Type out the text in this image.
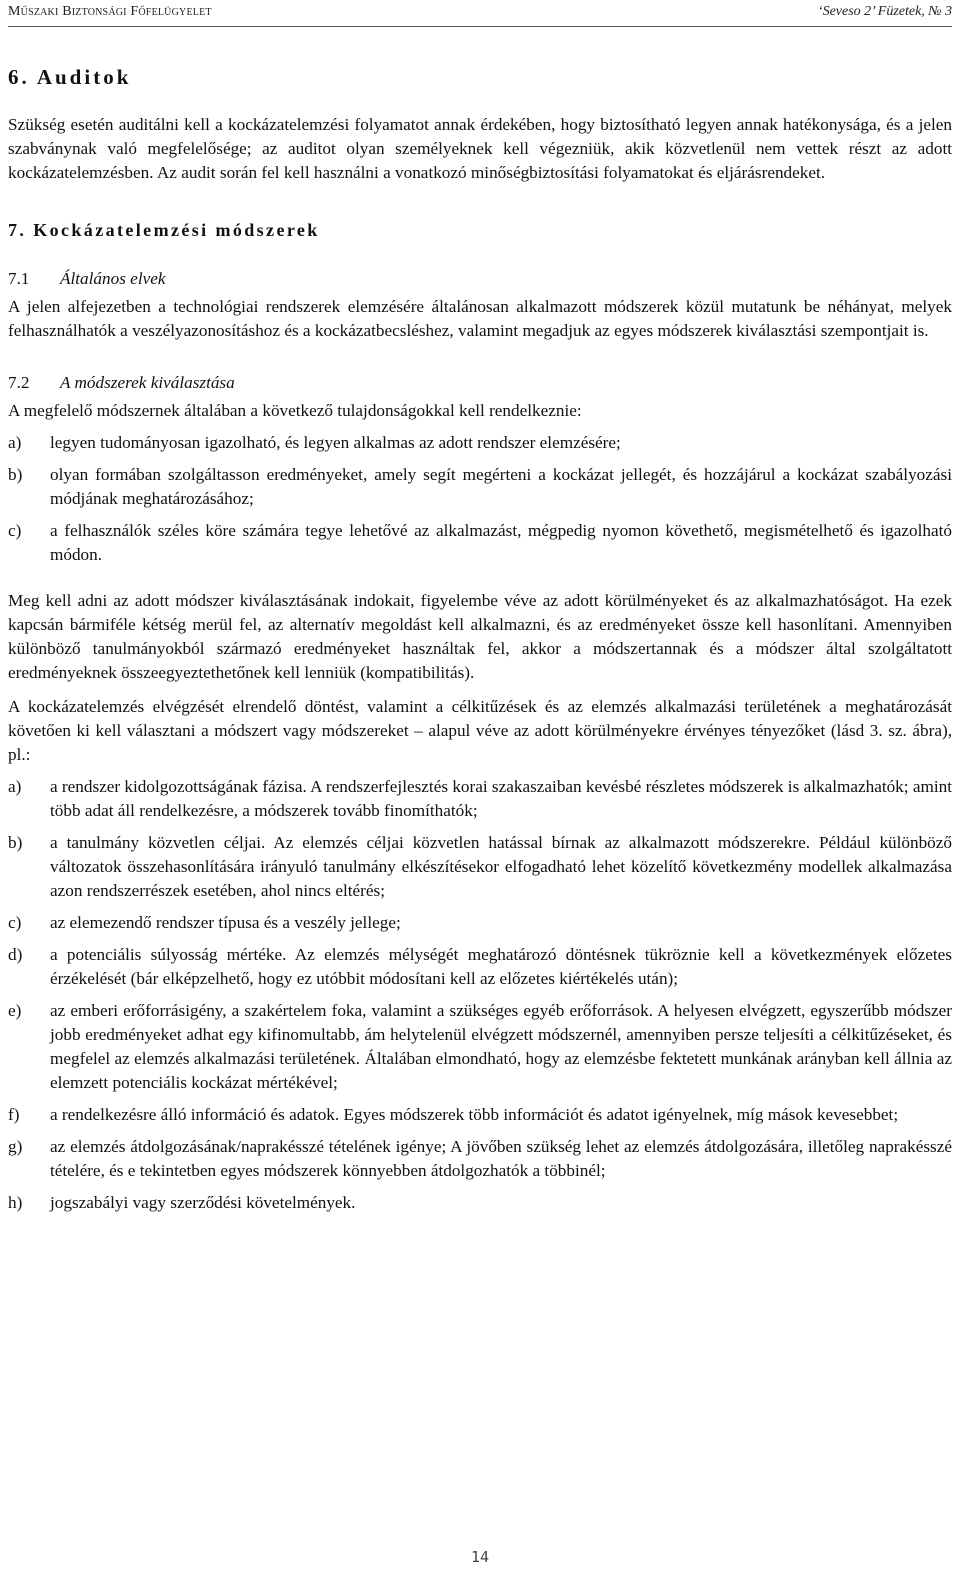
Műszaki Biztonsági Főfelügyelet	‘Seveso 2’ Füzetek, № 3
6. Auditok

Szükség esetén auditálni kell a kockázatelemzési folyamatot annak érdekében, hogy biztosítható legyen annak hatékonysága, és a jelen szabványnak való megfelelősége; az auditot olyan személyeknek kell végezniük, akik közvetlenül nem vettek részt az adott kockázatelemzésben. Az audit során fel kell használni a vonatkozó minőségbiztosítási folyamatokat és eljárásrendeket.

7. Kockázatelemzési módszerek
7.1	Általános elvek

A jelen alfejezetben a technológiai rendszerek elemzésére általánosan alkalmazott módszerek közül mutatunk be néhányat, melyek felhasználhatók a veszélyazonosításhoz és a kockázatbecsléshez, valamint megadjuk az egyes módszerek kiválasztási szempontjait is.

7.2	A módszerek kiválasztása

A megfelelő módszernek általában a következő tulajdonságokkal kell rendelkeznie:

a)	legyen tudományosan igazolható, és legyen alkalmas az adott rendszer elemzésére;
b)	olyan formában szolgáltasson eredményeket, amely segít megérteni a kockázat jellegét, és hozzájárul a kockázat szabályozási módjának meghatározásához;
c)	a felhasználók széles köre számára tegye lehetővé az alkalmazást, mégpedig nyomon követhető, megismételhető és igazolható módon.

Meg kell adni az adott módszer kiválasztásának indokait, figyelembe véve az adott körülményeket és az alkalmazhatóságot. Ha ezek kapcsán bármiféle kétség merül fel, az alternatív megoldást kell alkalmazni, és az eredményeket össze kell hasonlítani. Amennyiben különböző tanulmányokból származó eredményeket használtak fel, akkor a módszertannak és a módszer által szolgáltatott eredményeknek összeegyeztethetőnek kell lenniük (kompatibilitás).

A kockázatelemzés elvégzését elrendelő döntést, valamint a célkitűzések és az elemzés alkalmazási területének a meghatározását követően ki kell választani a módszert vagy módszereket – alapul véve az adott körülményekre érvényes tényezőket (lásd 3. sz. ábra), pl.:

a)	a rendszer kidolgozottságának fázisa. A rendszerfejlesztés korai szakaszaiban kevésbé részletes módszerek is alkalmazhatók; amint több adat áll rendelkezésre, a módszerek tovább finomíthatók;
b)	a tanulmány közvetlen céljai. Az elemzés céljai közvetlen hatással bírnak az alkalmazott módszerekre. Például különböző változatok összehasonlítására irányuló tanulmány elkészítésekor elfogadható lehet közelítő következmény modellek alkalmazása azon rendszerrészek esetében, ahol nincs eltérés;
c)	az elemezendő rendszer típusa és a veszély jellege;
d)	a potenciális súlyosság mértéke. Az elemzés mélységét meghatározó döntésnek tükröznie kell a következmények előzetes érzékelését (bár elképzelhető, hogy ez utóbbit módosítani kell az előzetes kiértékelés után);
e)	az emberi erőforrásigény, a szakértelem foka, valamint a szükséges egyéb erőforrások. A helyesen elvégzett, egyszerűbb módszer jobb eredményeket adhat egy kifinomultabb, ám helytelenül elvégzett módszernél, amennyiben persze teljesíti a célkitűzéseket, és megfelel az elemzés alkalmazási területének. Általában elmondható, hogy az elemzésbe fektetett munkának arányban kell állnia az elemzett potenciális kockázat mértékével;
f)	a rendelkezésre álló információ és adatok. Egyes módszerek több információt és adatot igényelnek, míg mások kevesebbet;
g)	az elemzés átdolgozásának/naprakésszé tételének igénye; A jövőben szükség lehet az elemzés átdolgozására, illetőleg naprakésszé tételére, és e tekintetben egyes módszerek könnyebben átdolgozhatók a többinél;
h)	jogszabályi vagy szerződési követelmények.
14
